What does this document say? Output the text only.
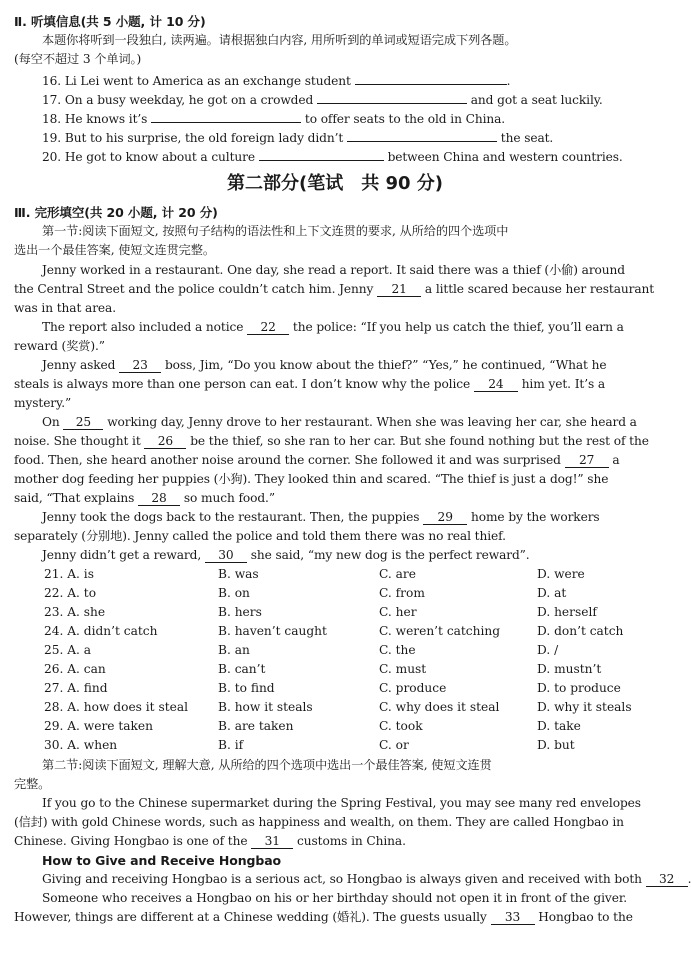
Ⅱ. 听填信息(共 5 小题, 计 10 分)
本题你将听到一段独白, 读两遍。请根据独白内容, 用所听到的单词或短语完成下列各题。
(每空不超过 3 个单词。)
16. Li Lei went to America as an exchange student	.
17. On a busy weekday, he got on a crowded	and got a seat luckily.
18. He knows it’s	to offer seats to the old in China.
19. But to his surprise, the old foreign lady didn’t	the seat.
20. He got to know about a culture	between China and western countries.
第二部分(笔试　共 90 分)
Ⅲ. 完形填空(共 20 小题, 计 20 分)
第一节:阅读下面短文, 按照句子结构的语法性和上下文连贯的要求, 从所给的四个选项中
选出一个最佳答案, 使短文连贯完整。
Jenny worked in a restaurant. One day, she read a report. It said there was a thief (小偷) around
the Central Street and the police couldn’t catch him. Jenny 21 a little scared because her restaurant
was in that area.
The report also included a notice 22 the police: “If you help us catch the thief, you’ll earn a
reward (奖赏).”
Jenny asked 23 boss, Jim, “Do you know about the thief?” “Yes,” he continued, “What he
steals is always more than one person can eat. I don’t know why the police 24 him yet. It’s a
mystery.”
On 25 working day, Jenny drove to her restaurant. When she was leaving her car, she heard a
noise. She thought it 26 be the thief, so she ran to her car. But she found nothing but the rest of the
food. Then, she heard another noise around the corner. She followed it and was surprised 27 a
mother dog feeding her puppies (小狗). They looked thin and scared. “The thief is just a dog!” she
said, “That explains 28 so much food.”
Jenny took the dogs back to the restaurant. Then, the puppies 29 home by the workers
separately (分别地). Jenny called the police and told them there was no real thief.
Jenny didn’t get a reward, 30 she said, “my new dog is the perfect reward”.
21. A. is	B. was	C. are	D. were
22. A. to	B. on	C. from	D. at
23. A. she	B. hers	C. her	D. herself
24. A. didn’t catch	B. haven’t caught	C. weren’t catching	D. don’t catch
25. A. a	B. an	C. the	D. /
26. A. can	B. can’t	C. must	D. mustn’t
27. A. find	B. to find	C. produce	D. to produce
28. A. how does it steal B. how it steals	C. why does it steal	D. why it steals
29. A. were taken	B. are taken	C. took	D. take
30. A. when	B. if	C. or	D. but
第二节:阅读下面短文, 理解大意, 从所给的四个选项中选出一个最佳答案, 使短文连贯
完整。
If you go to the Chinese supermarket during the Spring Festival, you may see many red envelopes
(信封) with gold Chinese words, such as happiness and wealth, on them. They are called Hongbao in
Chinese. Giving Hongbao is one of the 31 customs in China.
How to Give and Receive Hongbao
Giving and receiving Hongbao is a serious act, so Hongbao is always given and received with both 32
Someone who receives a Hongbao on his or her birthday should not open it in front of the giver.
However, things are different at a Chinese wedding (婚礼). The guests usually 33 Hongbao to the
